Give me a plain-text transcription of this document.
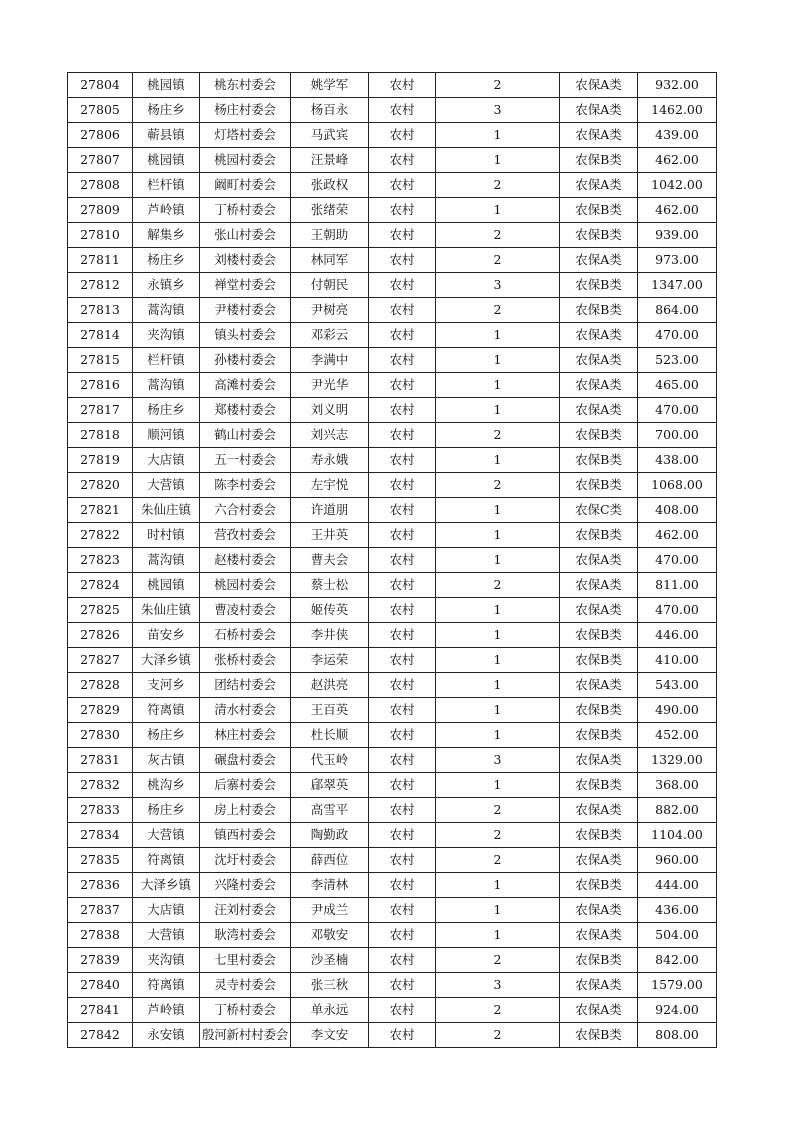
27804	桃园镇	桃东村委会	姚学军	农村	2	农保A类	932.00
27805	杨庄乡	杨庄村委会	杨百永	农村	3	农保A类	1462.00
27806	蕲县镇	灯塔村委会	马武宾	农村	1	农保A类	439.00
27807	桃园镇	桃园村委会	汪景峰	农村	1	农保B类	462.00
27808	栏杆镇	阚町村委会	张政权	农村	2	农保A类	1042.00
27809	芦岭镇	丁桥村委会	张绪荣	农村	1	农保B类	462.00
27810	解集乡	张山村委会	王朝助	农村	2	农保B类	939.00
27811	杨庄乡	刘楼村委会	林同军	农村	2	农保A类	973.00
27812	永镇乡	禅堂村委会	付朝民	农村	3	农保B类	1347.00
27813	蒿沟镇	尹楼村委会	尹树亮	农村	2	农保B类	864.00
27814	夹沟镇	镇头村委会	邓彩云	农村	1	农保A类	470.00
27815	栏杆镇	孙楼村委会	李满中	农村	1	农保A类	523.00
27816	蒿沟镇	高滩村委会	尹光华	农村	1	农保A类	465.00
27817	杨庄乡	郑楼村委会	刘义明	农村	1	农保A类	470.00
27818	顺河镇	鹤山村委会	刘兴志	农村	2	农保B类	700.00
27819	大店镇	五一村委会	寿永娥	农村	1	农保B类	438.00
27820	大营镇	陈李村委会	左宇悦	农村	2	农保B类	1068.00
27821	朱仙庄镇	六合村委会	许道朋	农村	1	农保C类	408.00
27822	时村镇	营孜村委会	王井英	农村	1	农保B类	462.00
27823	蒿沟镇	赵楼村委会	曹夫会	农村	1	农保A类	470.00
27824	桃园镇	桃园村委会	蔡士松	农村	2	农保A类	811.00
27825	朱仙庄镇	曹凌村委会	姬传英	农村	1	农保A类	470.00
27826	苗安乡	石桥村委会	李井侠	农村	1	农保B类	446.00
27827	大泽乡镇	张桥村委会	李运荣	农村	1	农保B类	410.00
27828	支河乡	团结村委会	赵洪亮	农村	1	农保A类	543.00
27829	符离镇	清水村委会	王百英	农村	1	农保B类	490.00
27830	杨庄乡	林庄村委会	杜长顺	农村	1	农保B类	452.00
27831	灰古镇	碾盘村委会	代玉岭	农村	3	农保A类	1329.00
27832	桃沟乡	后寨村委会	郈翠英	农村	1	农保B类	368.00
27833	杨庄乡	房上村委会	高雪平	农村	2	农保A类	882.00
27834	大营镇	镇西村委会	陶勤政	农村	2	农保B类	1104.00
27835	符离镇	沈圩村委会	薛西位	农村	2	农保A类	960.00
27836	大泽乡镇	兴隆村委会	李清林	农村	1	农保B类	444.00
27837	大店镇	汪刘村委会	尹成兰	农村	1	农保A类	436.00
27838	大营镇	耿湾村委会	邓敬安	农村	1	农保A类	504.00
27839	夹沟镇	七里村委会	沙圣楠	农村	2	农保B类	842.00
27840	符离镇	灵寺村委会	张三秋	农村	3	农保A类	1579.00
27841	芦岭镇	丁桥村委会	单永远	农村	2	农保A类	924.00
27842	永安镇	殷河新村村委会	李文安	农村	2	农保B类	808.00
